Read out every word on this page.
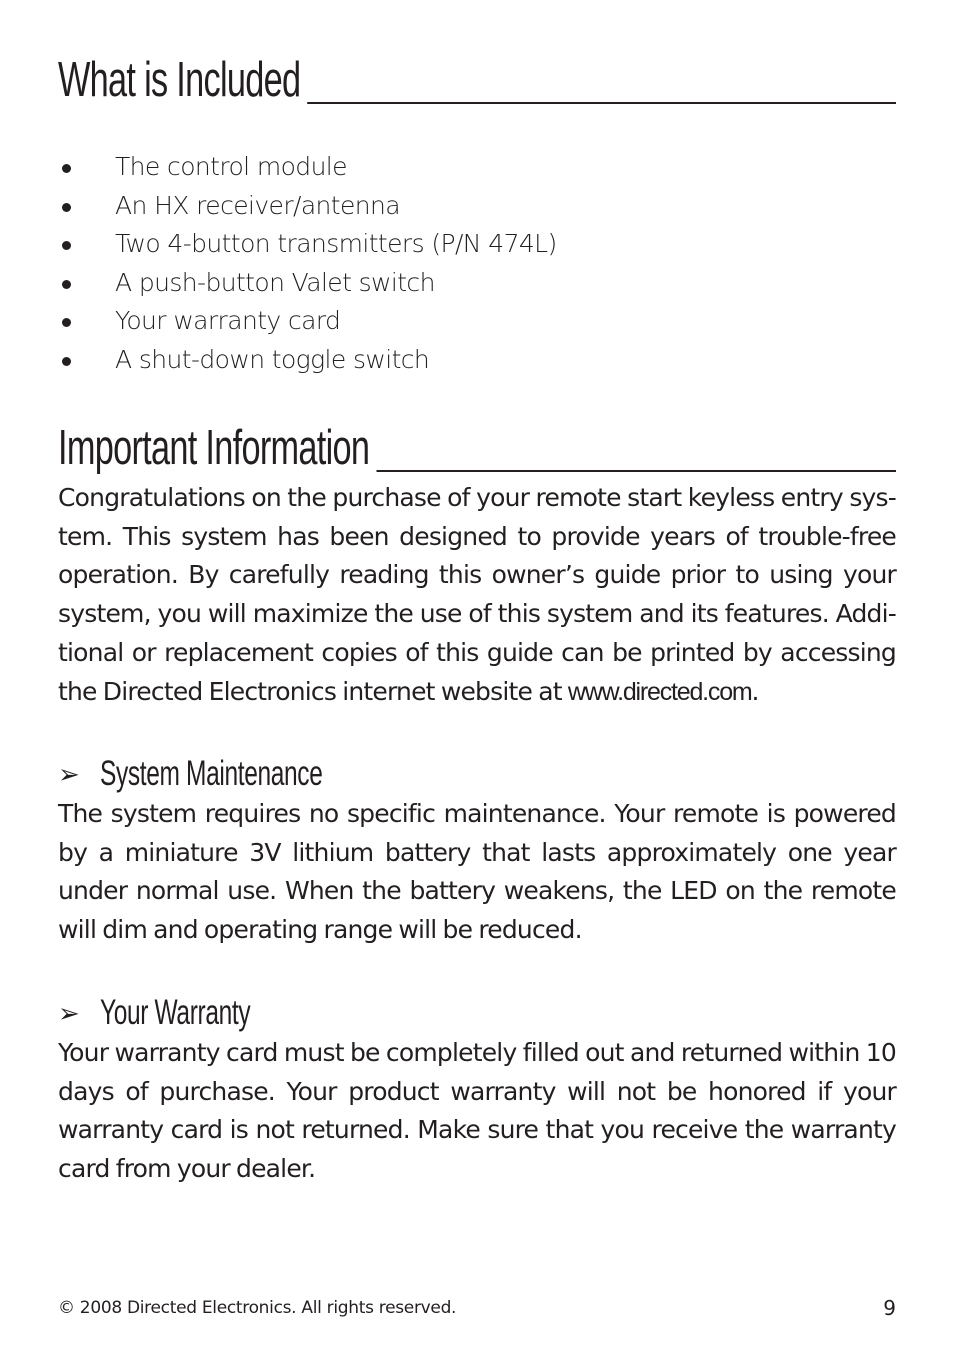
What is Included
The control module
An HX receiver/antenna
Two 4-button transmitters (P/N 474L)
A push-button Valet switch
Your warranty card
A shut-down toggle switch
Important Information

Congratulations on the purchase of your remote start keyless entry sys-tem. This system has been designed to provide years of trouble-free operation. By carefully reading this owner’s guide prior to using your system, you will maximize the use of this system and its features. Addi-tional or replacement copies of this guide can be printed by accessing the Directed Electronics internet website at www.directed.com.

➢ System Maintenance

The system requires no specific maintenance. Your remote is powered by a miniature 3V lithium battery that lasts approximately one year under normal use. When the battery weakens, the LED on the remote will dim and operating range will be reduced.

➢ Your Warranty

Your warranty card must be completely filled out and returned within 10 days of purchase. Your product warranty will not be honored if your warranty card is not returned. Make sure that you receive the warranty card from your dealer.

© 2008 Directed Electronics. All rights reserved.	9
